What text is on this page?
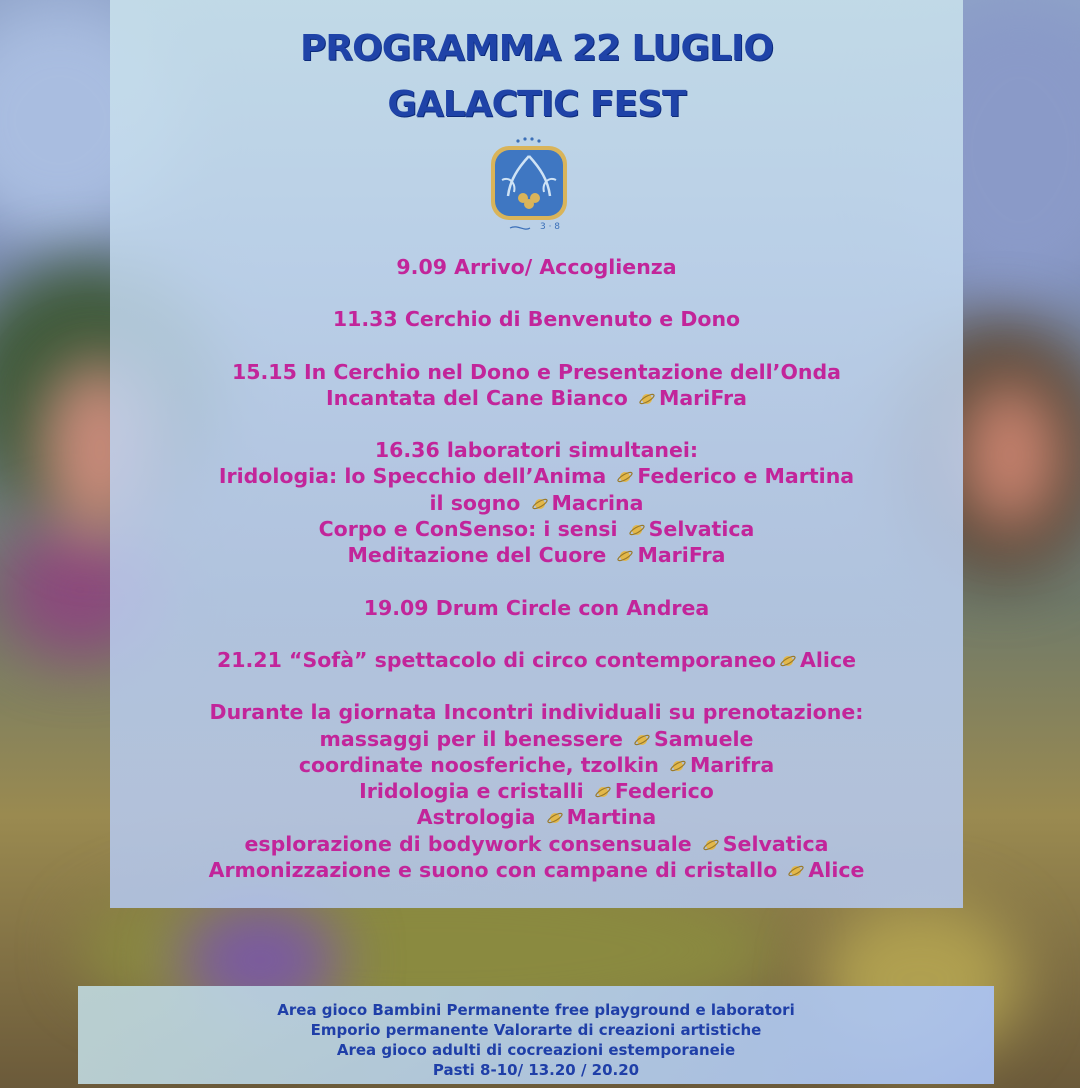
PROGRAMMA 22 LUGLIO
GALACTIC FEST
3 · 8
9.09 Arrivo/ Accoglienza
11.33 Cerchio di Benvenuto e Dono
15.15 In Cerchio nel Dono e Presentazione dell’Onda
Incantata del Cane Bianco MariFra
16.36 laboratori simultanei:
Iridologia: lo Specchio dell’Anima Federico e Martina
il sogno Macrina
Corpo e ConSenso: i sensi Selvatica
Meditazione del Cuore MariFra
19.09 Drum Circle con Andrea
21.21 “Sofà” spettacolo di circo contemporaneo Alice
Durante la giornata Incontri individuali su prenotazione:
massaggi per il benessere Samuele
coordinate noosferiche, tzolkin Marifra
Iridologia e cristalli Federico
Astrologia Martina
esplorazione di bodywork consensuale Selvatica
Armonizzazione e suono con campane di cristallo Alice
Area gioco Bambini Permanente free playground e laboratori
Emporio permanente Valorarte di creazioni artistiche
Area gioco adulti di cocreazioni estemporaneie
Pasti 8-10/ 13.20 / 20.20
